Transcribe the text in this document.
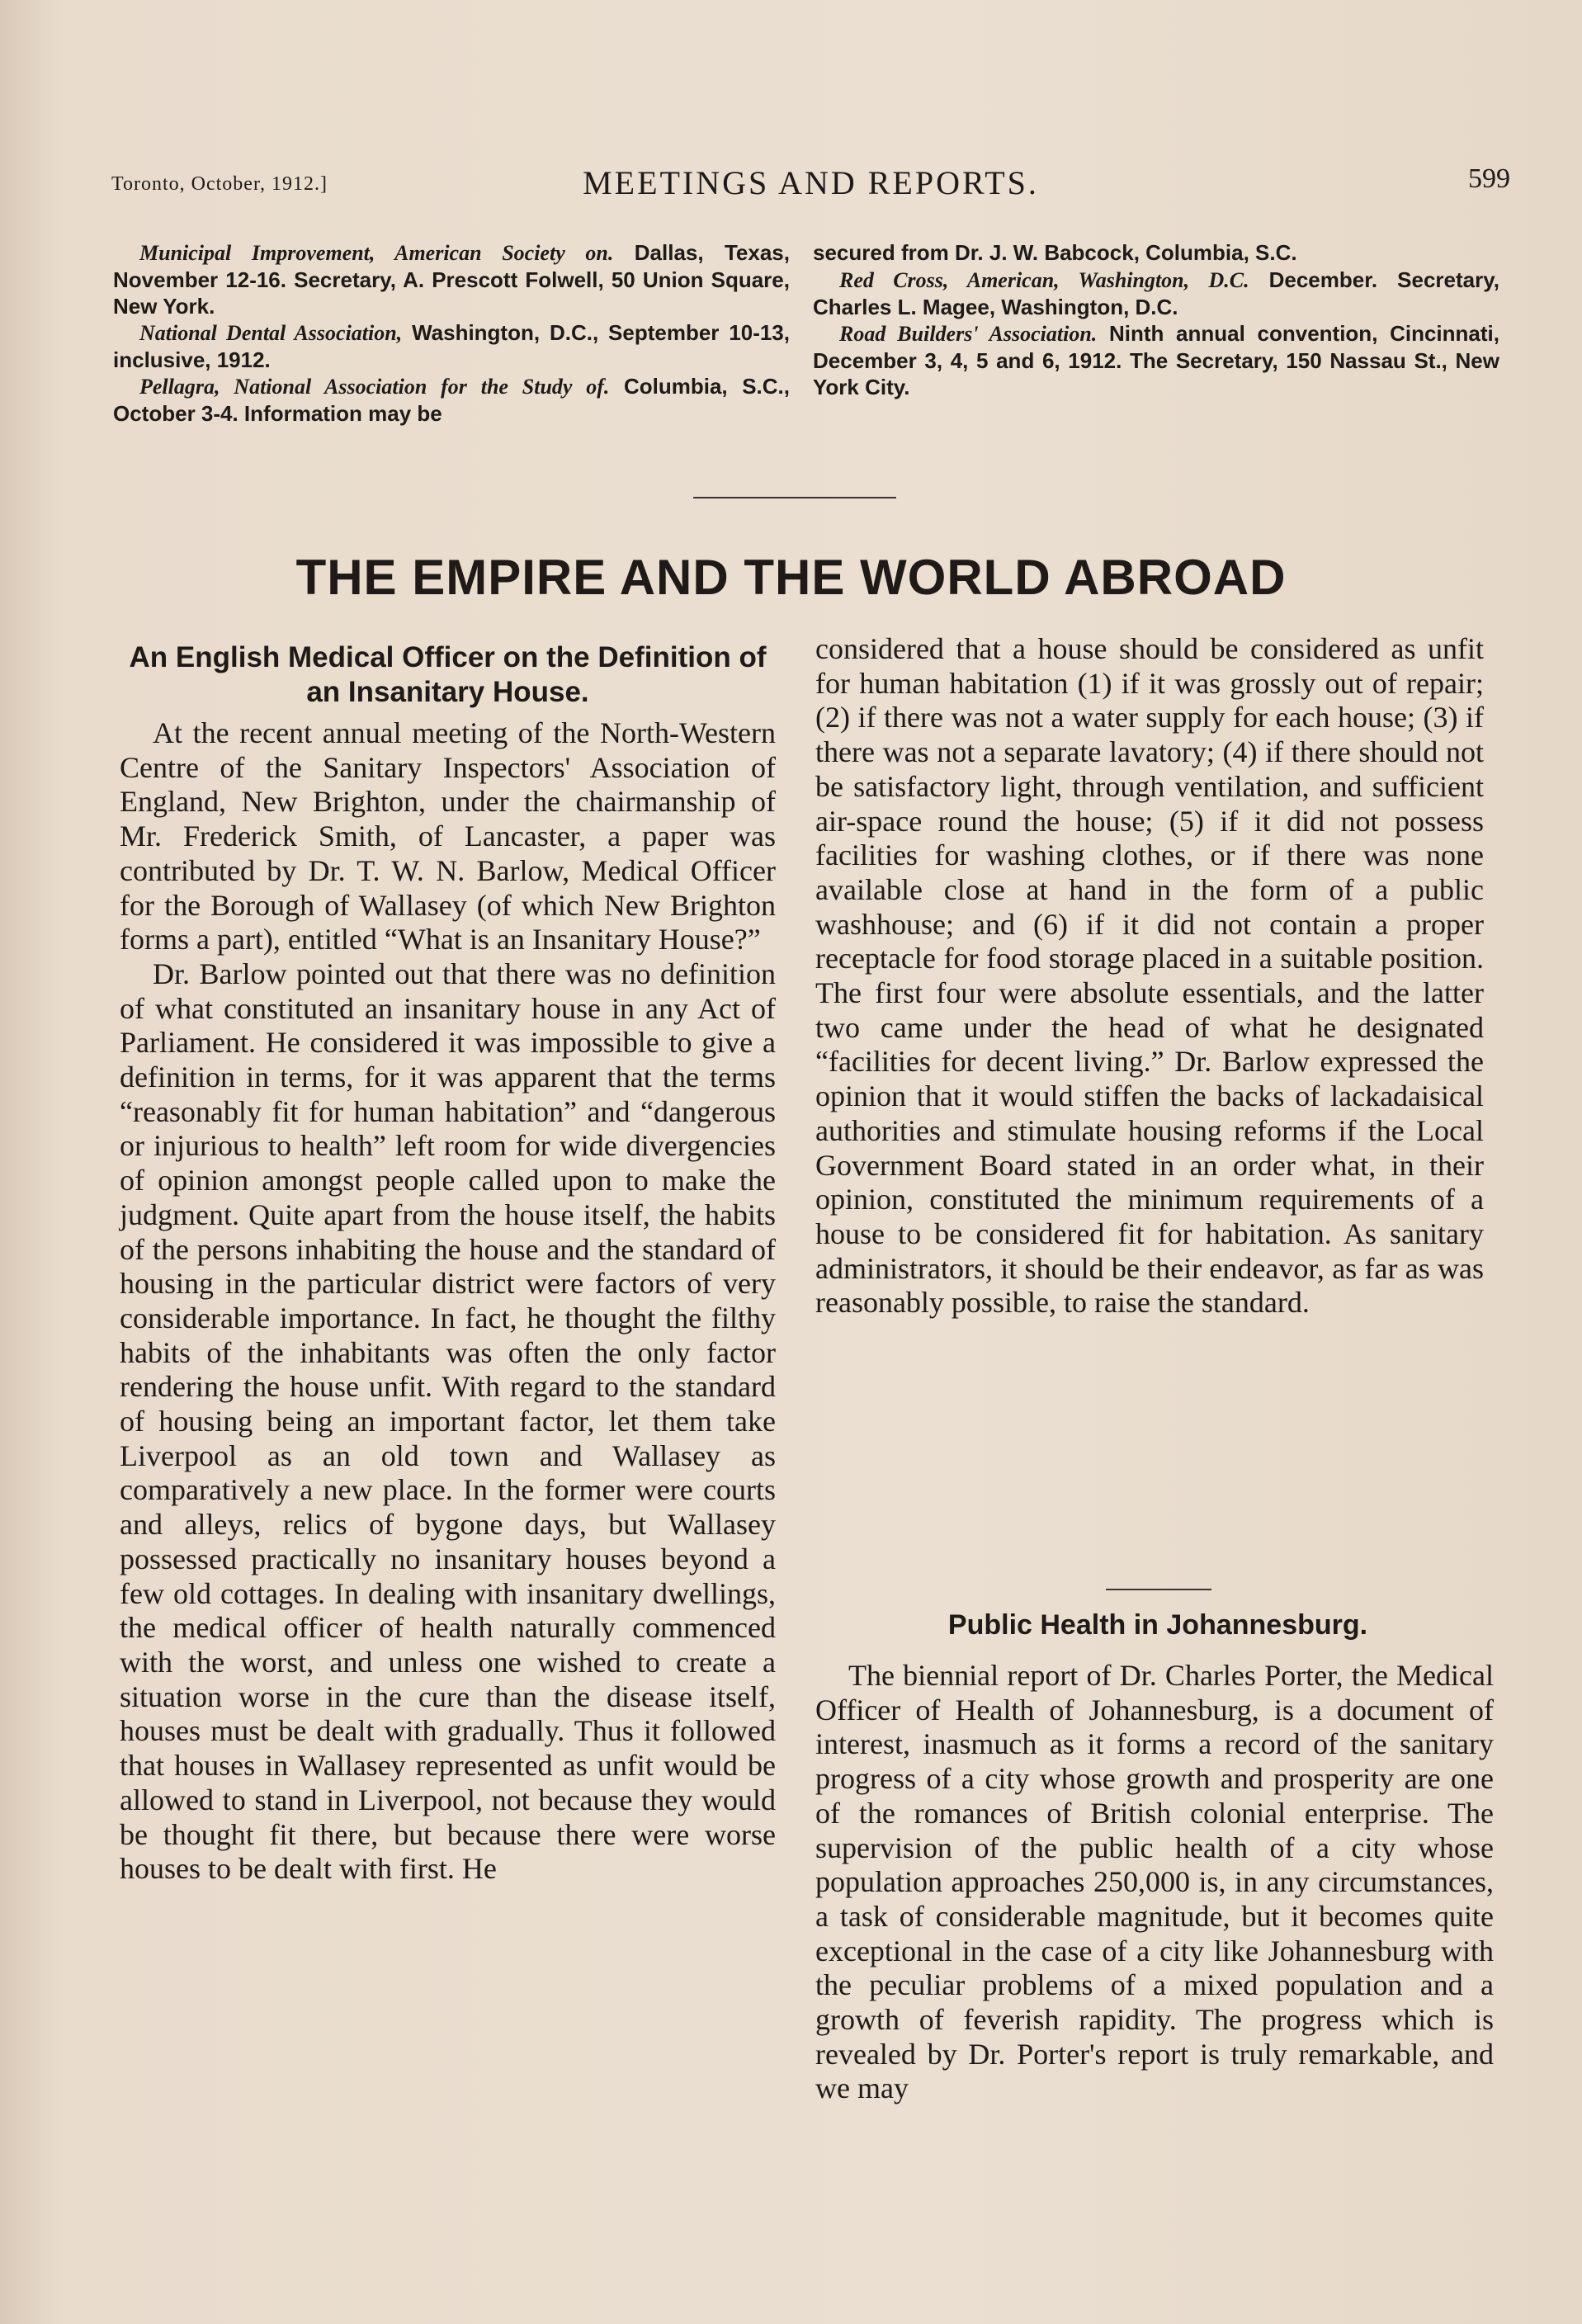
Toronto, October, 1912.]	MEETINGS AND REPORTS.	599

Municipal Improvement, American Society on. Dallas, Texas, November 12-16. Secretary, A. Prescott Folwell, 50 Union Square, New York.

National Dental Association, Washington, D.C., September 10-13, inclusive, 1912.

Pellagra, National Association for the Study of. Columbia, S.C., October 3-4. Information may be

secured from Dr. J. W. Babcock, Columbia, S.C.

Red Cross, American, Washington, D.C. December. Secretary, Charles L. Magee, Washington, D.C.

Road Builders' Association. Ninth annual convention, Cincinnati, December 3, 4, 5 and 6, 1912. The Secretary, 150 Nassau St., New York City.

THE EMPIRE AND THE WORLD ABROAD
An English Medical Officer on the Definition of an Insanitary House.

At the recent annual meeting of the North-Western Centre of the Sanitary Inspectors' Association of England, New Brighton, under the chairmanship of Mr. Frederick Smith, of Lancaster, a paper was contributed by Dr. T. W. N. Barlow, Medical Officer for the Borough of Wallasey (of which New Brighton forms a part), entitled “What is an Insanitary House?”

Dr. Barlow pointed out that there was no definition of what constituted an insanitary house in any Act of Parliament. He considered it was impossible to give a definition in terms, for it was apparent that the terms “reasonably fit for human habitation” and “dangerous or injurious to health” left room for wide divergencies of opinion amongst people called upon to make the judgment. Quite apart from the house itself, the habits of the persons inhabiting the house and the standard of housing in the particular district were factors of very considerable importance. In fact, he thought the filthy habits of the inhabitants was often the only factor rendering the house unfit. With regard to the standard of housing being an important factor, let them take Liverpool as an old town and Wallasey as comparatively a new place. In the former were courts and alleys, relics of bygone days, but Wallasey possessed practically no insanitary houses beyond a few old cottages. In dealing with insanitary dwellings, the medical officer of health naturally commenced with the worst, and unless one wished to create a situation worse in the cure than the disease itself, houses must be dealt with gradually. Thus it followed that houses in Wallasey represented as unfit would be allowed to stand in Liverpool, not because they would be thought fit there, but because there were worse houses to be dealt with first. He

considered that a house should be considered as unfit for human habitation (1) if it was grossly out of repair; (2) if there was not a water supply for each house; (3) if there was not a separate lavatory; (4) if there should not be satisfactory light, through ventilation, and sufficient air-space round the house; (5) if it did not possess facilities for washing clothes, or if there was none available close at hand in the form of a public washhouse; and (6) if it did not contain a proper receptacle for food storage placed in a suitable position. The first four were absolute essentials, and the latter two came under the head of what he designated “facilities for decent living.” Dr. Barlow expressed the opinion that it would stiffen the backs of lackadaisical authorities and stimulate housing reforms if the Local Government Board stated in an order what, in their opinion, constituted the minimum requirements of a house to be considered fit for habitation. As sanitary administrators, it should be their endeavor, as far as was reasonably possible, to raise the standard.

Public Health in Johannesburg.

The biennial report of Dr. Charles Porter, the Medical Officer of Health of Johannesburg, is a document of interest, inasmuch as it forms a record of the sanitary progress of a city whose growth and prosperity are one of the romances of British colonial enterprise. The supervision of the public health of a city whose population approaches 250,000 is, in any circumstances, a task of considerable magnitude, but it becomes quite exceptional in the case of a city like Johannesburg with the peculiar problems of a mixed population and a growth of feverish rapidity. The progress which is revealed by Dr. Porter's report is truly remarkable, and we may
